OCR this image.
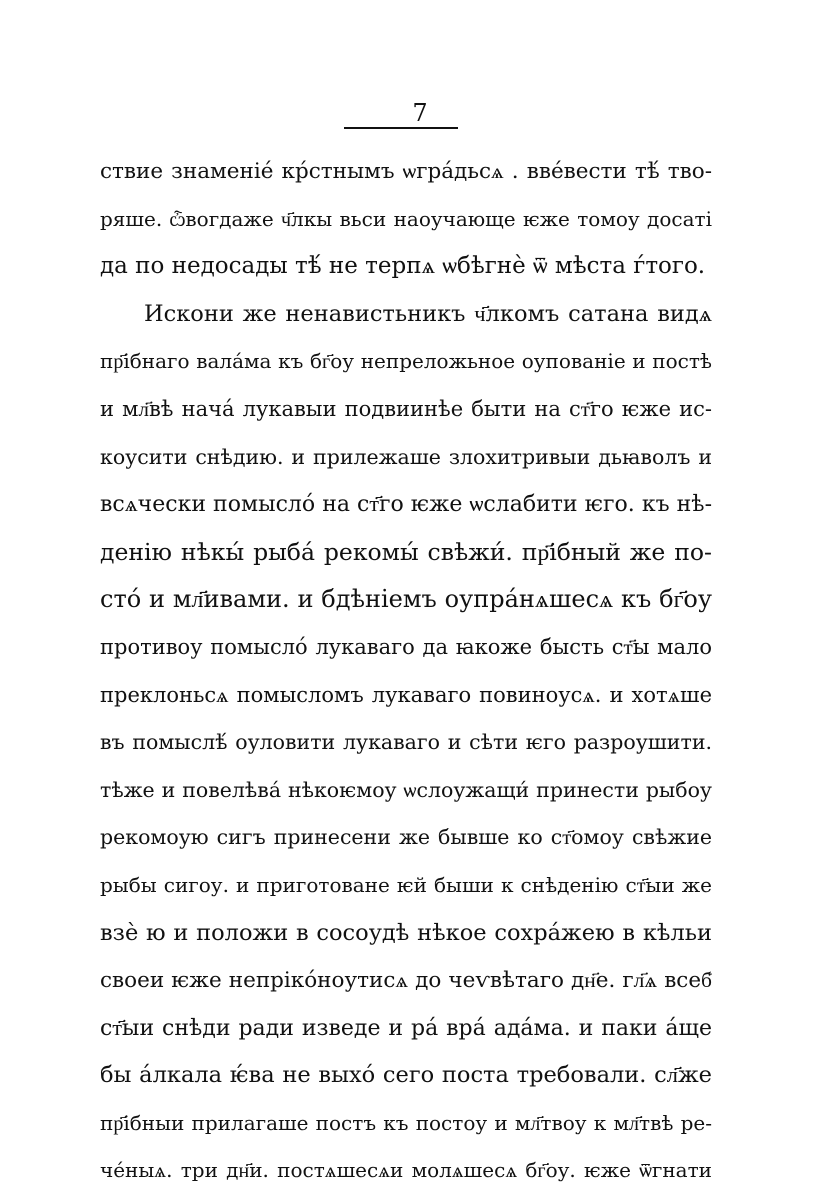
7
ствие знаменіе́ кр́стнымъ ѡгра́дьсѧ . вве́вести тѣ́ тво-
ряше. ѽвогдаже ч҃лкы вьси наоучающе ѥже томоу досаті
да по недосады тѣ́ не терпѧ ѡбѣгнѐ ѿ мѣста ѓтого.
Искони же ненавистьникъ ч҃лкомъ сатана видѧ
пр҃ібнаго вала́ма къ бг҃оу непреложьное оупованіе и постѣ
и мл҃вѣ нача́ лукавыи подвиинѣе быти на ст҃го ѥже ис-
коусити снѣдию. и прилежаше злохитривыи дьꙗволъ и
всѧчески помысло́ на ст҃го ѥже ѡслабити ѥго. къ нѣ-
денію нѣкы́ рыба́ рекомы́ свѣжи́. пр҃ібный же по-
сто́ и мл҃ивами. и бдѣніемъ оупра́нѧшесѧ къ бг҃оу
противоу помысло́ лукаваго да ꙗкоже бысть ст҃ы мало
преклоньсѧ помысломъ лукаваго повиноусѧ. и хотѧше
въ помыслѣ́ оуловити лукаваго и сѣти ѥго разроушити.
тѣже и повелѣва́ нѣкоѥмоу ѡслоужащи́ принести рыбоу
рекомоую сигъ принесени же бывше ко ст҃омоу свѣжие
рыбы сигоу. и приготоване ѥй быши к снѣденію ст҃ыи же
взѐ ю и положи в сосоудѣ нѣкое сохра́жею в кѣльи
своеи ѥже непріко́ноутисѧ до чеѵвѣтаго дн҃е. гл҃ѧ всеб҃
ст҃ыи снѣди ради изведе и ра́ вра́ ада́ма. и паки а́ще
бы а́лкала ѥ́ва не выхо́ сего поста требовали. сл҃же
пр҃ібныи прилагаше постъ къ постоу и мл҃твоу к мл҃твѣ ре-
че́ныѧ. три дн҃и. постѧшесѧи молѧшесѧ бг҃оу. ѥже ѿгнати
